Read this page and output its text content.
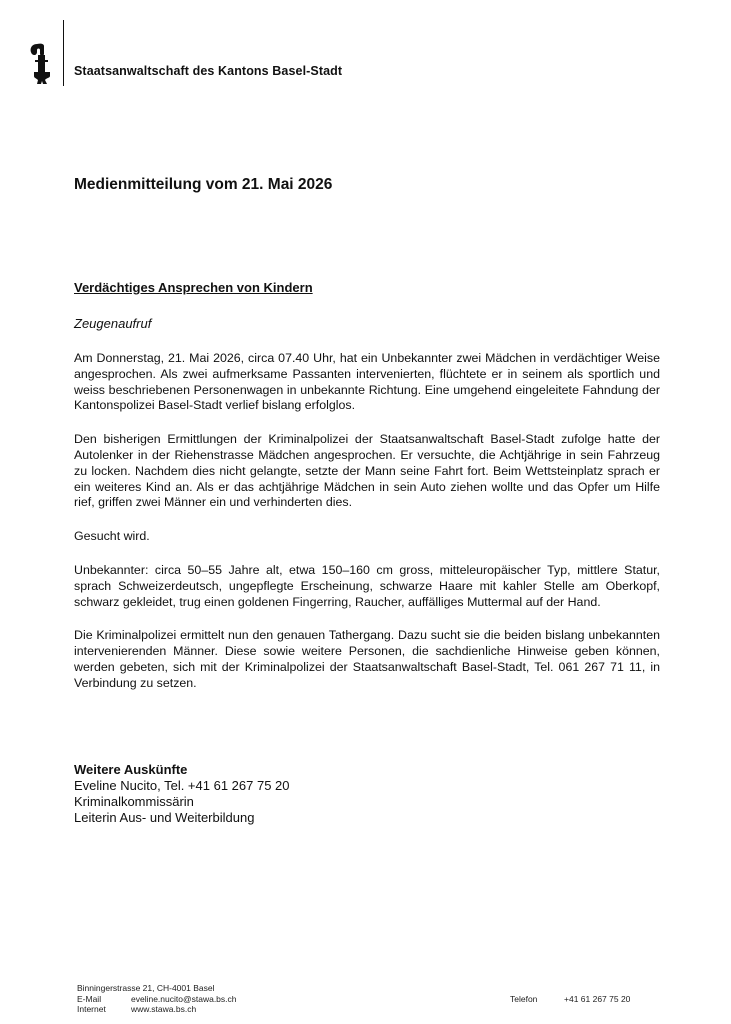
Staatsanwaltschaft des Kantons Basel-Stadt
Medienmitteilung vom 21. Mai 2026
Verdächtiges Ansprechen von Kindern
Zeugenaufruf

Am Donnerstag, 21. Mai 2026, circa 07.40 Uhr, hat ein Unbekannter zwei Mädchen in verdächtiger Weise angesprochen. Als zwei aufmerksame Passanten intervenierten, flüchtete er in seinem als sportlich und weiss beschriebenen Personenwagen in unbekannte Richtung. Eine umgehend eingeleitete Fahndung der Kantonspolizei Basel-Stadt verlief bislang erfolglos.

Den bisherigen Ermittlungen der Kriminalpolizei der Staatsanwaltschaft Basel-Stadt zufolge hatte der Autolenker in der Riehenstrasse Mädchen angesprochen. Er versuchte, die Achtjährige in sein Fahrzeug zu locken. Nachdem dies nicht gelangte, setzte der Mann seine Fahrt fort. Beim Wettsteinplatz sprach er ein weiteres Kind an. Als er das achtjährige Mädchen in sein Auto ziehen wollte und das Opfer um Hilfe rief, griffen zwei Männer ein und verhinderten dies.

Gesucht wird.

Unbekannter: circa 50–55 Jahre alt, etwa 150–160 cm gross, mitteleuropäischer Typ, mittlere Statur, sprach Schweizerdeutsch, ungepflegte Erscheinung, schwarze Haare mit kahler Stelle am Oberkopf, schwarz gekleidet, trug einen goldenen Fingerring, Raucher, auffälliges Muttermal auf der Hand.

Die Kriminalpolizei ermittelt nun den genauen Tathergang. Dazu sucht sie die beiden bislang unbekannten intervenierenden Männer. Diese sowie weitere Personen, die sachdienliche Hinweise geben können, werden gebeten, sich mit der Kriminalpolizei der Staatsanwaltschaft Basel-Stadt, Tel. 061 267 71 11, in Verbindung zu setzen.

Weitere Auskünfte
Eveline Nucito, Tel. +41 61 267 75 20
Kriminalkommissärin
Leiterin Aus- und Weiterbildung
Binningerstrasse 21, CH-4001 Basel
E-Mail	eveline.nucito@stawa.bs.ch
Internet	www.stawa.bs.ch
Telefon	+41 61 267 75 20
